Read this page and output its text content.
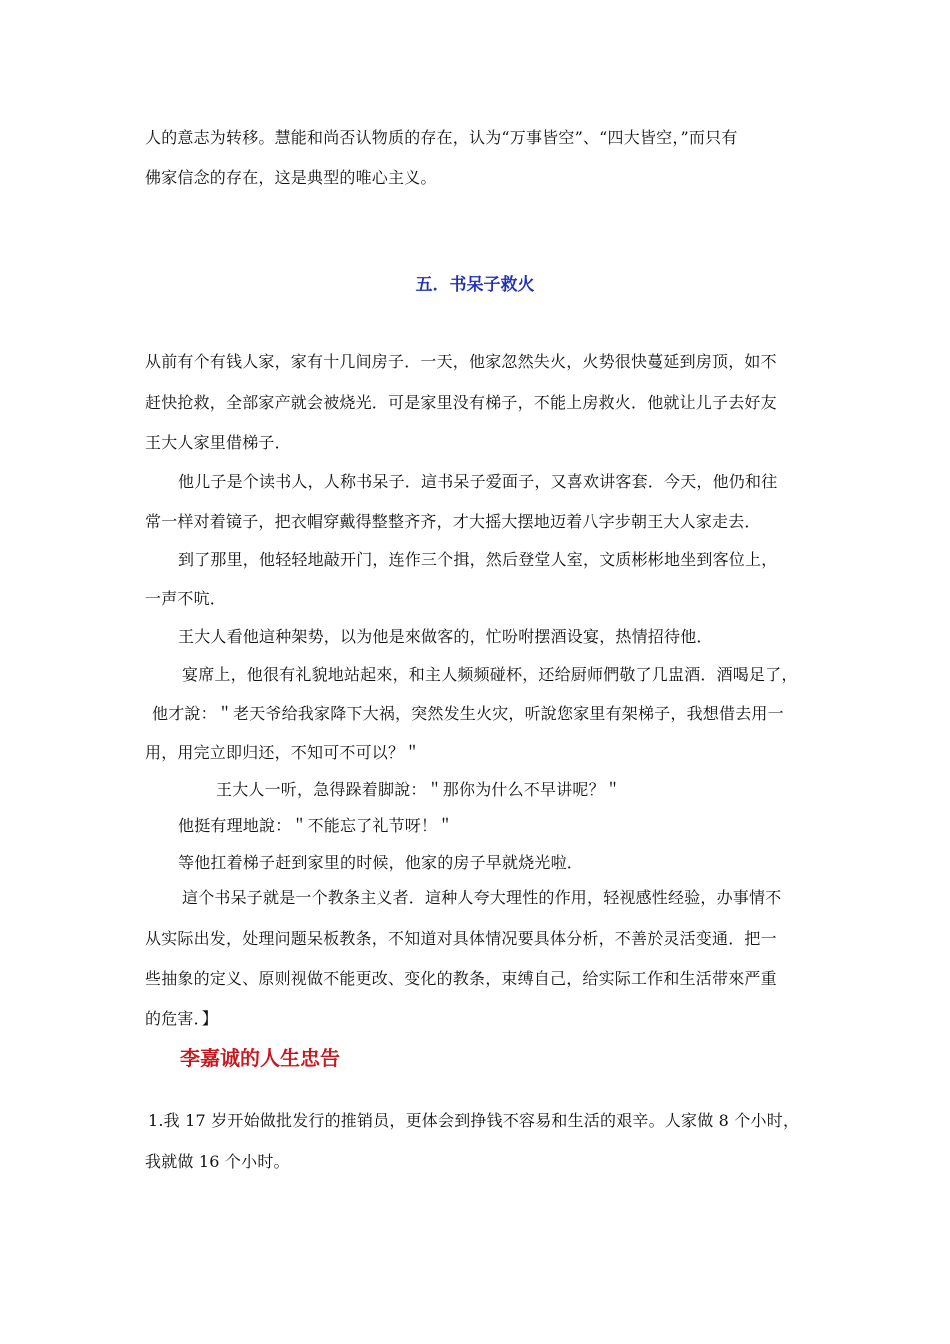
人的意志为转移。慧能和尚否认物质的存在，认为“万事皆空”、“四大皆空，”而只有
佛家信念的存在，这是典型的唯心主义。
五．书呆子救火
从前有个有钱人家，家有十几间房子．一天，他家忽然失火，火势很快蔓延到房顶，如不
赶快抢救，全部家产就会被烧光．可是家里没有梯子，不能上房救火．他就让儿子去好友
王大人家里借梯子．
他儿子是个读书人，人称书呆子．這书呆子爱面子，又喜欢讲客套．今天，他仍和往
常一样对着镜子，把衣帽穿戴得整整齐齐，才大摇大摆地迈着八字步朝王大人家走去．
到了那里，他轻轻地敲开门，连作三个揖，然后登堂人室，文质彬彬地坐到客位上，
一声不吭．
王大人看他這种架势，以为他是來做客的，忙吩咐摆酒设宴，热情招待他．
宴席上，他很有礼貌地站起來，和主人频频碰杯，还给厨师們敬了几盅酒．酒喝足了，
他才說：＂老天爷给我家降下大祸，突然发生火灾，听說您家里有架梯子，我想借去用一
用，用完立即归还，不知可不可以？＂
王大人一听，急得跺着脚說：＂那你为什么不早讲呢？＂
他挺有理地說：＂不能忘了礼节呀！＂
等他扛着梯子赶到家里的时候，他家的房子早就烧光啦．
這个书呆子就是一个教条主义者．這种人夸大理性的作用，轻视感性经验，办事情不
从实际出发，处理问题呆板教条，不知道对具体情况要具体分析，不善於灵活变通．把一
些抽象的定义、原则视做不能更改、变化的教条，束缚自己，给实际工作和生活带來严重
的危害．】
李嘉诚的人生忠告
1.我 17 岁开始做批发行的推销员，更体会到挣钱不容易和生活的艰辛。人家做 8 个小时，
我就做 16 个小时。
